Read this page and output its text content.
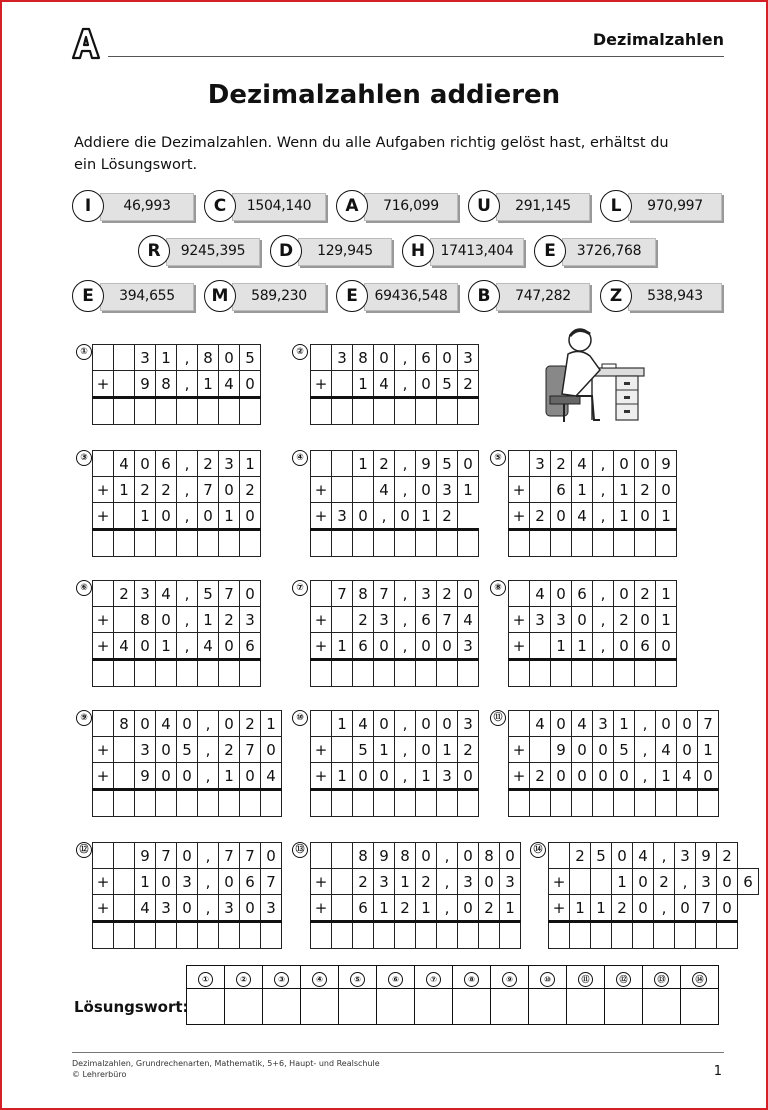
Dezimalzahlen
Dezimalzahlen addieren
Addiere die Dezimalzahlen. Wenn du alle Aufgaben richtig gelöst hast, erhältst du ein Lösungswort.
46,993
I	1504,140
C	716,099
A	291,145
U	970,997
L
9245,395
R	129,945
D	17413,404
H	3726,768
E
394,655
E	589,230
M	69436,548
E	747,282
B	538,943
Z
①
			3	1	,	8	0	5
+		9	8	,	1	4	0

②
	3	8	0	,	6	0	3
+		1	4	,	0	5	2

③
	4	0	6	,	2	3	1
+	1	2	2	,	7	0	2
+		1	0	,	0	1	0

④
			1	2	,	9	5	0
+			4	,	0	3	1
+	3	0	,	0	1	2	

⑤
	3	2	4	,	0	0	9
+		6	1	,	1	2	0
+	2	0	4	,	1	0	1

⑥
	2	3	4	,	5	7	0
+		8	0	,	1	2	3
+	4	0	1	,	4	0	6

⑦
	7	8	7	,	3	2	0
+		2	3	,	6	7	4
+	1	6	0	,	0	0	3

⑧
	4	0	6	,	0	2	1
+	3	3	0	,	2	0	1
+		1	1	,	0	6	0

⑨
	8	0	4	0	,	0	2	1
+		3	0	5	,	2	7	0
+		9	0	0	,	1	0	4

⑩
	1	4	0	,	0	0	3
+		5	1	,	0	1	2
+	1	0	0	,	1	3	0

⑪
	4	0	4	3	1	,	0	0	7
+		9	0	0	5	,	4	0	1
+	2	0	0	0	0	,	1	4	0

⑫
			9	7	0	,	7	7	0
+		1	0	3	,	0	6	7
+		4	3	0	,	3	0	3

⑬
			8	9	8	0	,	0	8	0
+		2	3	1	2	,	3	0	3
+		6	1	2	1	,	0	2	1

⑭
	2	5	0	4	,	3	9	2	
+			1	0	2	,	3	0	6
+	1	1	2	0	,	0	7	0	

Lösungswort:
①	②	③	④	⑤	⑥	⑦	⑧	⑨	⑩	⑪	⑫	⑬	⑭

Dezimalzahlen, Grundrechenarten, Mathematik, 5+6, Haupt- und Realschule
© Lehrerbüro	1
